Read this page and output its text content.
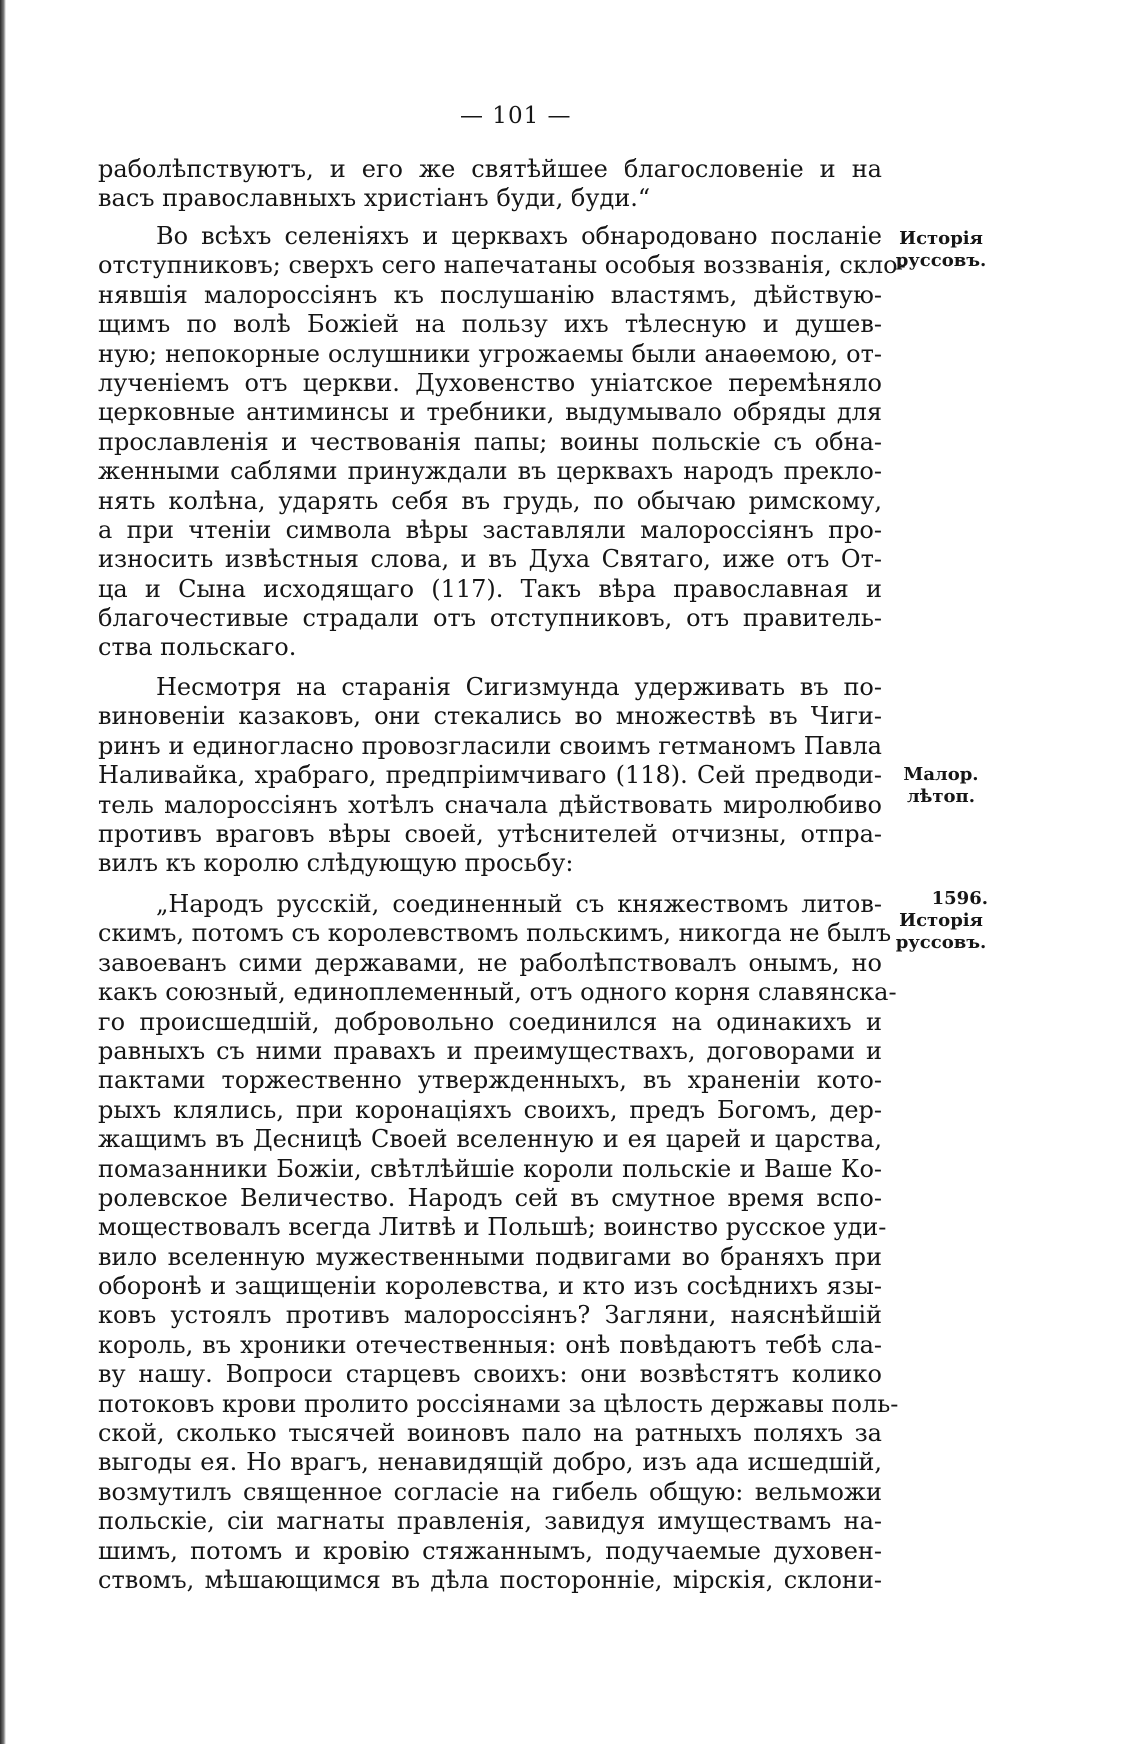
— 101 —
раболѣпствуютъ, и его же святѣйшее благословеніе и на
васъ православныхъ христіанъ буди, буди.“
Во всѣхъ селеніяхъ и церквахъ обнародовано посланіе
отступниковъ; сверхъ сего напечатаны особыя воззванія, скло-
нявшія малороссіянъ къ послушанію властямъ, дѣйствую-
щимъ по волѣ Божіей на пользу ихъ тѣлесную и душев-
ную; непокорные ослушники угрожаемы были анаѳемою, от-
лученіемъ отъ церкви. Духовенство уніатское перемѣняло
церковные антиминсы и требники, выдумывало обряды для
прославленія и чествованія папы; воины польскіе съ обна-
женными саблями принуждали въ церквахъ народъ прекло-
нять колѣна, ударять себя въ грудь, по обычаю римскому,
а при чтеніи символа вѣры заставляли малороссіянъ про-
износить извѣстныя слова, и въ Духа Святаго, иже отъ От-
ца и Сына исходящаго (117). Такъ вѣра православная и
благочестивые страдали отъ отступниковъ, отъ правитель-
ства польскаго.
Несмотря на старанія Сигизмунда удерживать въ по-
виновеніи казаковъ, они стекались во множествѣ въ Чиги-
ринъ и единогласно провозгласили своимъ гетманомъ Павла
Наливайка, храбраго, предпріимчиваго (118). Сей предводи-
тель малороссіянъ хотѣлъ сначала дѣйствовать миролюбиво
противъ враговъ вѣры своей, утѣснителей отчизны, отпра-
вилъ къ королю слѣдующую просьбу:
„Народъ русскій, соединенный съ княжествомъ литов-
скимъ, потомъ съ королевствомъ польскимъ, никогда не былъ
завоеванъ сими державами, не раболѣпствовалъ онымъ, но
какъ союзный, единоплеменный, отъ одного корня славянска-
го происшедшій, добровольно соединился на одинакихъ и
равныхъ съ ними правахъ и преимуществахъ, договорами и
пактами торжественно утвержденныхъ, въ храненіи кото-
рыхъ клялись, при коронаціяхъ своихъ, предъ Богомъ, дер-
жащимъ въ Десницѣ Своей вселенную и ея царей и царства,
помазанники Божіи, свѣтлѣйшіе короли польскіе и Ваше Ко-
ролевское Величество. Народъ сей въ смутное время вспо-
моществовалъ всегда Литвѣ и Польшѣ; воинство русское уди-
вило вселенную мужественными подвигами во браняхъ при
оборонѣ и защищеніи королевства, и кто изъ сосѣднихъ язы-
ковъ устоялъ противъ малороссіянъ? Загляни, наяснѣйшій
король, въ хроники отечественныя: онѣ повѣдаютъ тебѣ сла-
ву нашу. Вопроси старцевъ своихъ: они возвѣстятъ колико
потоковъ крови пролито россіянами за цѣлость державы поль-
ской, сколько тысячей воиновъ пало на ратныхъ поляхъ за
выгоды ея. Но врагъ, ненавидящій добро, изъ ада исшедшій,
возмутилъ священное согласіе на гибель общую: вельможи
польскіе, сіи магнаты правленія, завидуя имуществамъ на-
шимъ, потомъ и кровію стяжаннымъ, подучаемые духовен-
ствомъ, мѣшающимся въ дѣла посторонніе, мірскія, склони-
Исторія
руссовъ.
Малор.
лѣтоп.
1596.
Исторія
руссовъ.
